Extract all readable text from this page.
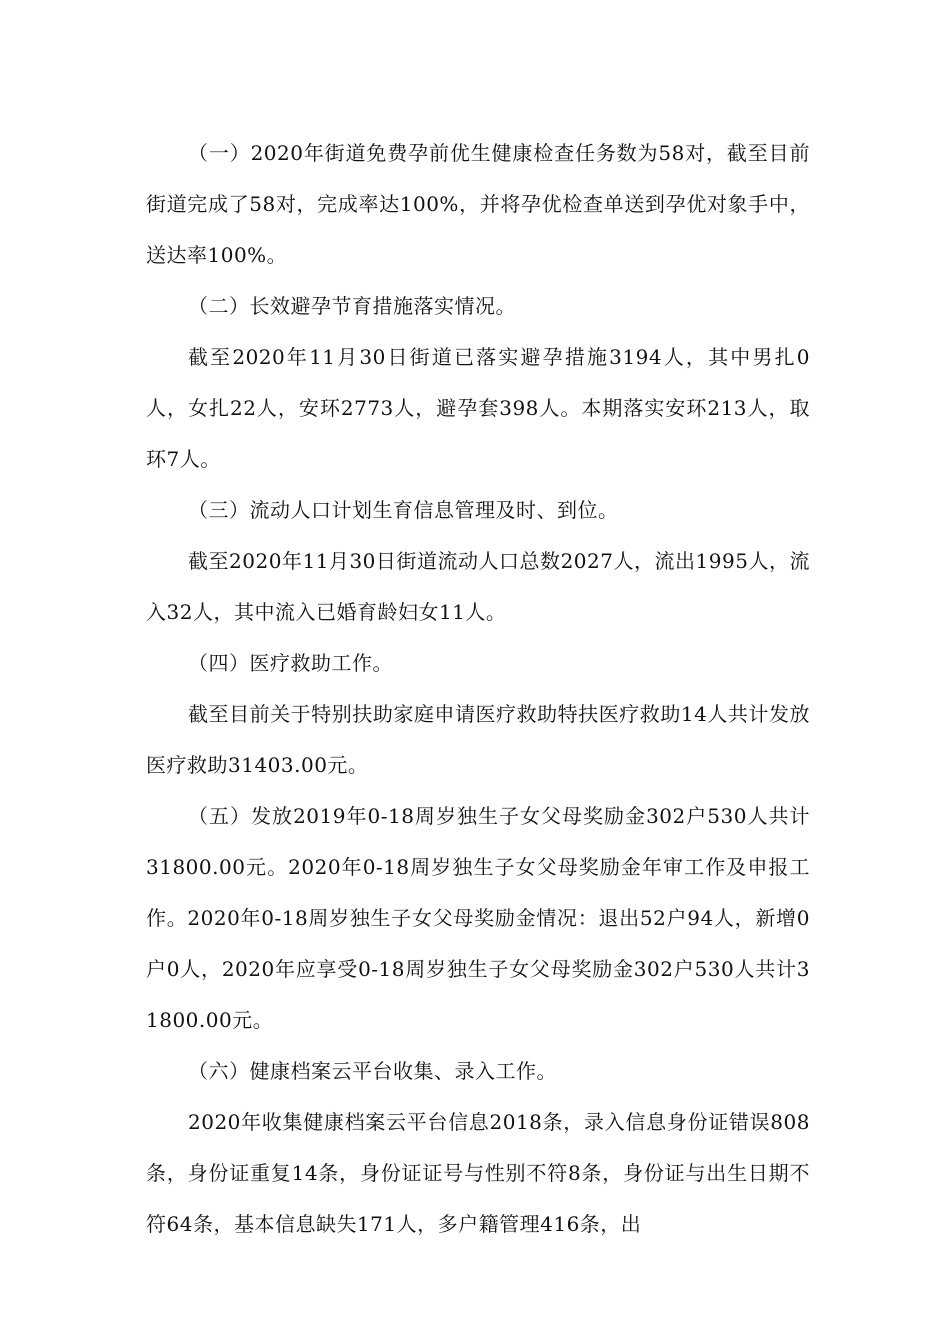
（一）2020年街道免费孕前优生健康检查任务数为58对，截至目前街道完成了58对，完成率达100%，并将孕优检查单送到孕优对象手中，送达率100%。

（二）长效避孕节育措施落实情况。

截至2020年11月30日街道已落实避孕措施3194人，其中男扎0人，女扎22人，安环2773人，避孕套398人。本期落实安环213人，取环7人。

（三）流动人口计划生育信息管理及时、到位。

截至2020年11月30日街道流动人口总数2027人，流出1995人，流入32人，其中流入已婚育龄妇女11人。

（四）医疗救助工作。

截至目前关于特别扶助家庭申请医疗救助特扶医疗救助14人共计发放医疗救助31403.00元。

（五）发放2019年0-18周岁独生子女父母奖励金302户530人共计31800.00元。2020年0-18周岁独生子女父母奖励金年审工作及申报工作。2020年0-18周岁独生子女父母奖励金情况：退出52户94人，新增0户0人，2020年应享受0-18周岁独生子女父母奖励金302户530人共计31800.00元。

（六）健康档案云平台收集、录入工作。

2020年收集健康档案云平台信息2018条，录入信息身份证错误808条，身份证重复14条，身份证证号与性别不符8条，身份证与出生日期不符64条，基本信息缺失171人，多户籍管理416条，出
